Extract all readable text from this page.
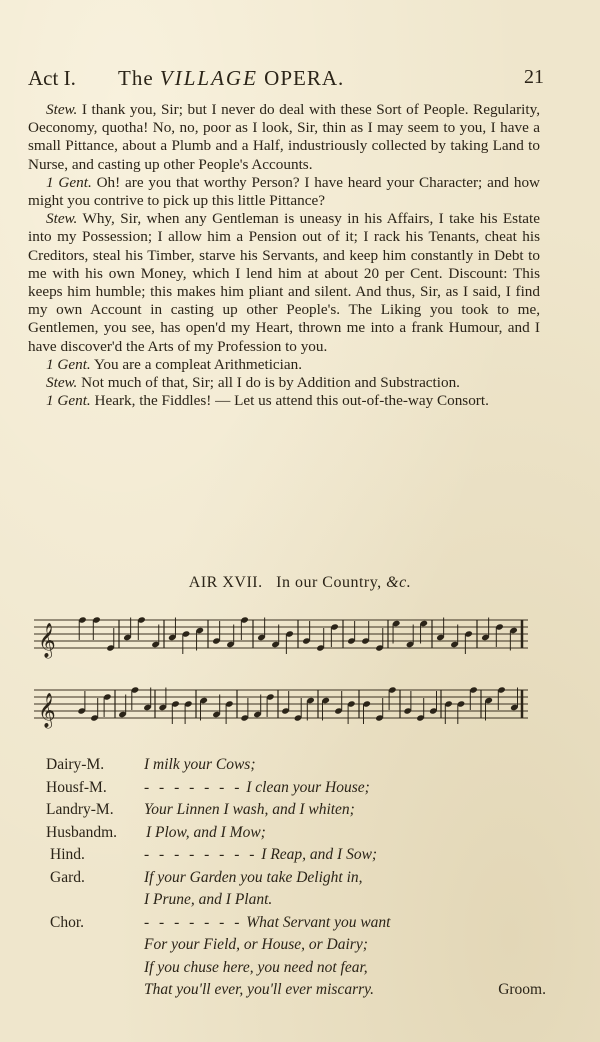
Act I. The VILLAGE OPERA.	21

Stew. I thank you, Sir; but I never do deal with these Sort of People. Regularity, Oeconomy, quotha! No, no, poor as I look, Sir, thin as I may seem to you, I have a small Pittance, about a Plumb and a Half, industriously collected by taking Land to Nurse, and casting up other People's Accounts.

1 Gent. Oh! are you that worthy Person? I have heard your Character; and how might you contrive to pick up this little Pittance?

Stew. Why, Sir, when any Gentleman is uneasy in his Affairs, I take his Estate into my Possession; I allow him a Pension out of it; I rack his Tenants, cheat his Creditors, steal his Timber, starve his Servants, and keep him constantly in Debt to me with his own Money, which I lend him at about 20 per Cent. Discount: This keeps him humble; this makes him pliant and silent. And thus, Sir, as I said, I find my own Account in casting up other People's. The Liking you took to me, Gentlemen, you see, has open'd my Heart, thrown me into a frank Humour, and I have discover'd the Arts of my Profession to you.

1 Gent. You are a compleat Arithmetician.

Stew. Not much of that, Sir; all I do is by Addition and Substraction.

1 Gent. Heark, the Fiddles! — Let us attend this out-of-the-way Consort.

AIR XVII. In our Country, &c.
𝄞
𝄞
Dairy-M.	I milk your Cows;
Housf-M. - - - - - - - I clean your House;
Landry-M. Your Linnen I wash, and I whiten;
Husbandm. I Plow, and I Mow;
Hind.	- - - - - - - - I Reap, and I Sow;
Gard.	If your Garden you take Delight in,
I Prune, and I Plant.
Chor.	- - - - - - - What Servant you want
For your Field, or House, or Dairy;
If you chuse here, you need not fear,
That you'll ever, you'll ever miscarry.	Groom.
